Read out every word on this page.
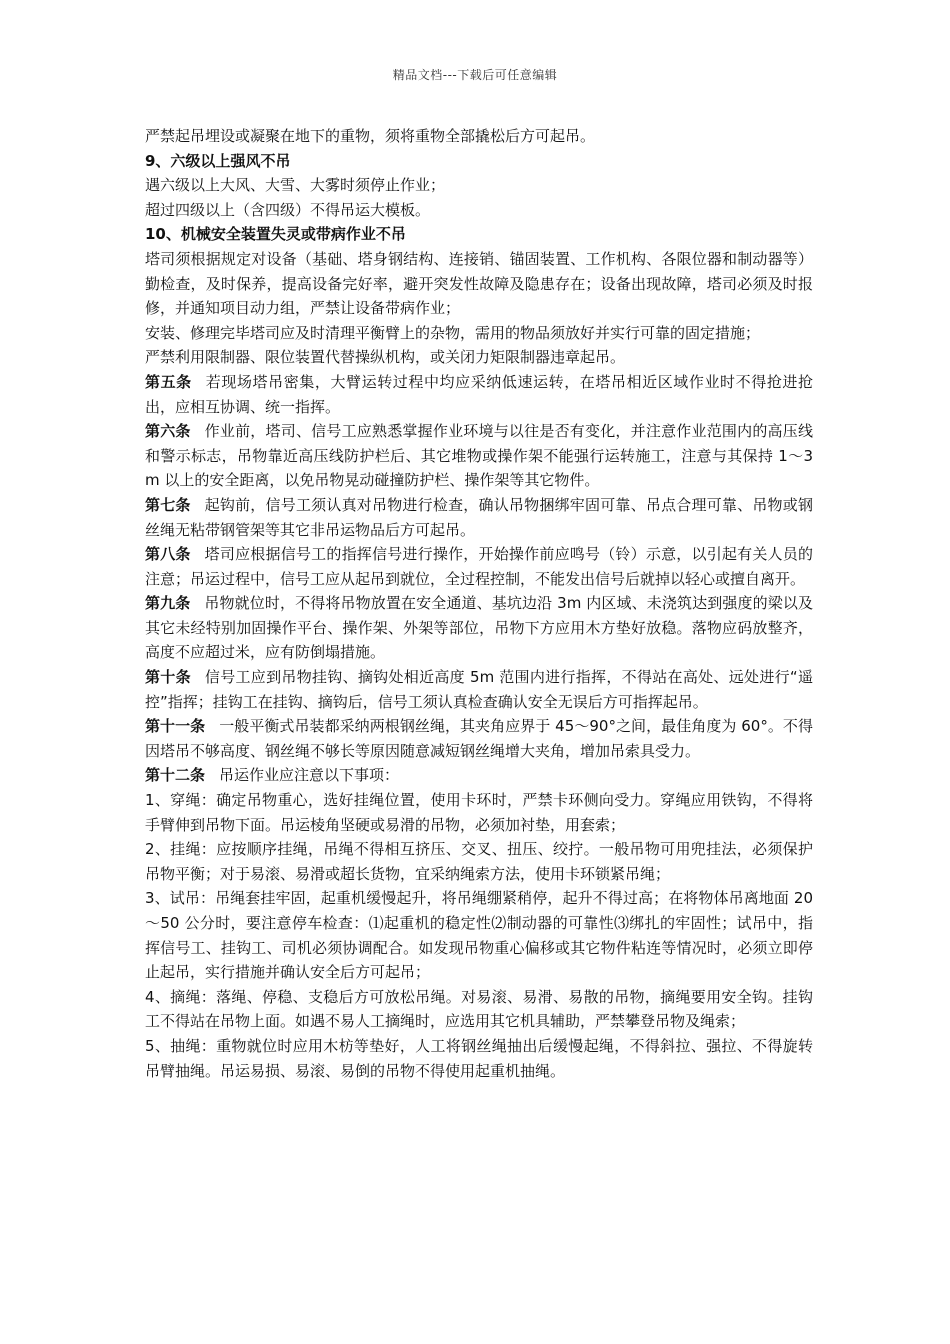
精品文档---下载后可任意编辑
严禁起吊埋设或凝聚在地下的重物，须将重物全部撬松后方可起吊。
9、六级以上强风不吊
遇六级以上大风、大雪、大雾时须停止作业；
超过四级以上（含四级）不得吊运大模板。
10、机械安全装置失灵或带病作业不吊
塔司须根据规定对设备（基础、塔身钢结构、连接销、锚固装置、工作机构、各限位器和制动器等）勤检查，及时保养，提高设备完好率，避开突发性故障及隐患存在；设备出现故障，塔司必须及时报修，并通知项目动力组，严禁让设备带病作业；
安装、修理完毕塔司应及时清理平衡臂上的杂物，需用的物品须放好并实行可靠的固定措施；
严禁利用限制器、限位装置代替操纵机构，或关闭力矩限制器违章起吊。
第五条 若现场塔吊密集，大臂运转过程中均应采纳低速运转，在塔吊相近区域作业时不得抢进抢出，应相互协调、统一指挥。
第六条 作业前，塔司、信号工应熟悉掌握作业环境与以往是否有变化，并注意作业范围内的高压线和警示标志，吊物靠近高压线防护栏后、其它堆物或操作架不能强行运转施工，注意与其保持 1～3m 以上的安全距离，以免吊物晃动碰撞防护栏、操作架等其它物件。
第七条 起钩前，信号工须认真对吊物进行检查，确认吊物捆绑牢固可靠、吊点合理可靠、吊物或钢丝绳无粘带钢管架等其它非吊运物品后方可起吊。
第八条 塔司应根据信号工的指挥信号进行操作，开始操作前应鸣号（铃）示意，以引起有关人员的注意；吊运过程中，信号工应从起吊到就位，全过程控制，不能发出信号后就掉以轻心或擅自离开。
第九条 吊物就位时，不得将吊物放置在安全通道、基坑边沿 3m 内区域、未浇筑达到强度的梁以及其它未经特别加固操作平台、操作架、外架等部位，吊物下方应用木方垫好放稳。落物应码放整齐，高度不应超过米，应有防倒塌措施。
第十条 信号工应到吊物挂钩、摘钩处相近高度 5m 范围内进行指挥，不得站在高处、远处进行“遥控”指挥；挂钩工在挂钩、摘钩后，信号工须认真检查确认安全无误后方可指挥起吊。
第十一条 一般平衡式吊装都采纳两根钢丝绳，其夹角应界于 45～90°之间，最佳角度为 60°。不得因塔吊不够高度、钢丝绳不够长等原因随意减短钢丝绳增大夹角，增加吊索具受力。
第十二条 吊运作业应注意以下事项：
1、穿绳：确定吊物重心，选好挂绳位置，使用卡环时，严禁卡环侧向受力。穿绳应用铁钩，不得将手臂伸到吊物下面。吊运棱角坚硬或易滑的吊物，必须加衬垫，用套索；
2、挂绳：应按顺序挂绳，吊绳不得相互挤压、交叉、扭压、绞拧。一般吊物可用兜挂法，必须保护吊物平衡；对于易滚、易滑或超长货物，宜采纳绳索方法，使用卡环锁紧吊绳；
3、试吊：吊绳套挂牢固，起重机缓慢起升，将吊绳绷紧稍停，起升不得过高；在将物体吊离地面 20～50 公分时，要注意停车检查：⑴起重机的稳定性⑵制动器的可靠性⑶绑扎的牢固性；试吊中，指挥信号工、挂钩工、司机必须协调配合。如发现吊物重心偏移或其它物件粘连等情况时，必须立即停止起吊，实行措施并确认安全后方可起吊；
4、摘绳：落绳、停稳、支稳后方可放松吊绳。对易滚、易滑、易散的吊物，摘绳要用安全钩。挂钩工不得站在吊物上面。如遇不易人工摘绳时，应选用其它机具辅助，严禁攀登吊物及绳索；
5、抽绳：重物就位时应用木枋等垫好，人工将钢丝绳抽出后缓慢起绳，不得斜拉、强拉、不得旋转吊臂抽绳。吊运易损、易滚、易倒的吊物不得使用起重机抽绳。
